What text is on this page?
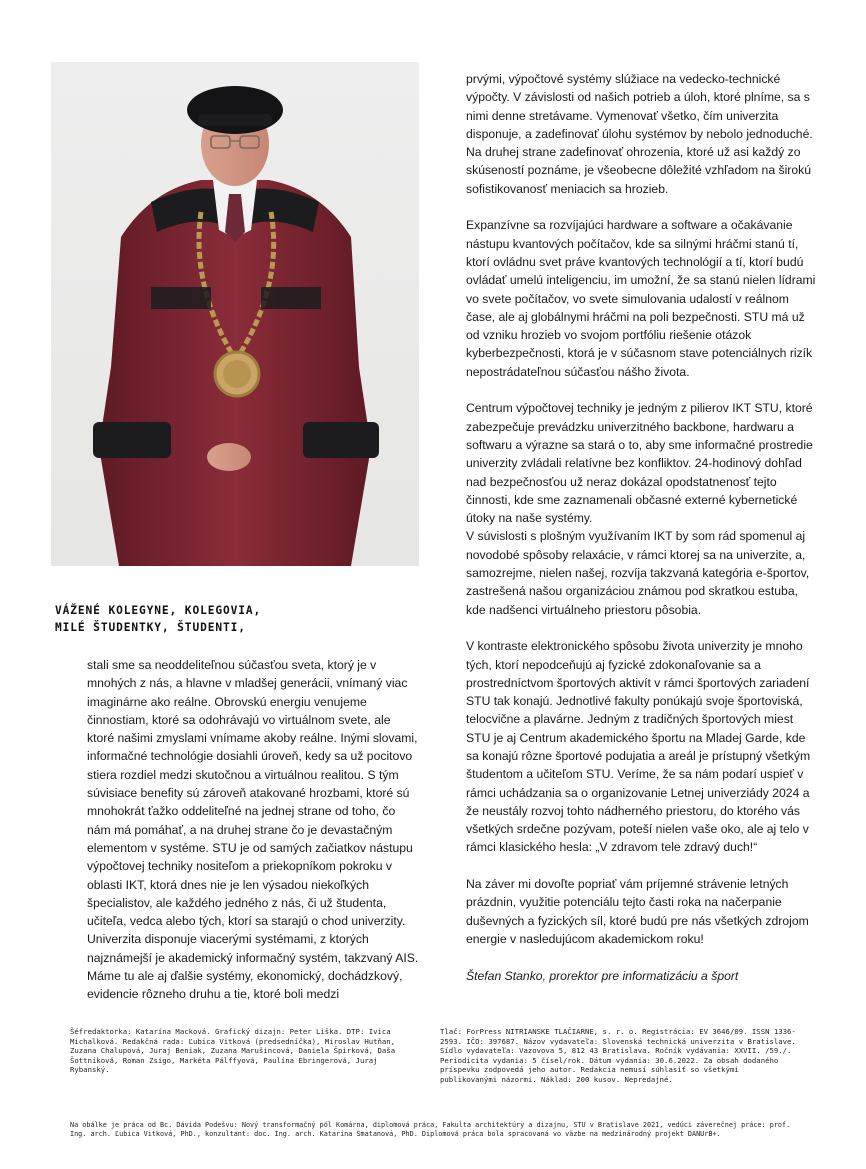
VÁŽENÉ KOLEGYNE, KOLEGOVIA,
MILÉ ŠTUDENTKY, ŠTUDENTI,

stali sme sa neoddeliteľnou súčasťou sveta, ktorý je v mnohých z nás, a hlavne v mladšej generácii, vnímaný viac imaginárne ako reálne. Obrovskú energiu venujeme činnostiam, ktoré sa odohrávajú vo virtuálnom svete, ale ktoré našimi zmyslami vnímame akoby reálne. Inými slovami, informačné technológie dosiahli úroveň, kedy sa už pocitovo stiera rozdiel medzi skutočnou a virtuálnou realitou. S tým súvisiace benefity sú zároveň atakované hrozbami, ktoré sú mnohokrát ťažko oddeliteľné na jednej strane od toho, čo nám má pomáhať, a na druhej strane čo je devastačným elementom v systéme. STU je od samých začiatkov nástupu výpočtovej techniky nositeľom a priekopníkom pokroku v oblasti IKT, ktorá dnes nie je len výsadou niekoľkých špecialistov, ale každého jedného z nás, či už študenta, učiteľa, vedca alebo tých, ktorí sa starajú o chod univerzity. Univerzita disponuje viacerými systémami, z ktorých najznámejší je akademický informačný systém, takzvaný AIS. Máme tu ale aj ďalšie systémy, ekonomický, dochádzkový, evidencie rôzneho druhu a tie, ktoré boli medzi

prvými, výpočtové systémy slúžiace na vedecko-technické výpočty. V závislosti od našich potrieb a úloh, ktoré plníme, sa s nimi denne stretávame. Vymenovať všetko, čím univerzita disponuje, a zadefinovať úlohu systémov by nebolo jednoduché. Na druhej strane zadefinovať ohrozenia, ktoré už asi každý zo skúseností poznáme, je všeobecne dôležité vzhľadom na širokú sofistikovanosť meniacich sa hrozieb.

Expanzívne sa rozvíjajúci hardware a software a očakávanie nástupu kvantových počítačov, kde sa silnými hráčmi stanú tí, ktorí ovládnu svet práve kvantových technológií a tí, ktorí budú ovládať umelú inteligenciu, im umožní, že sa stanú nielen lídrami vo svete počítačov, vo svete simulovania udalostí v reálnom čase, ale aj globálnymi hráčmi na poli bezpečnosti. STU má už od vzniku hrozieb vo svojom portfóliu riešenie otázok kyberbezpečnosti, ktorá je v súčasnom stave potenciálnych rizík nepostrádateľnou súčasťou nášho života.

Centrum výpočtovej techniky je jedným z pilierov IKT STU, ktoré zabezpečuje prevádzku univerzitného backbone, hardwaru a softwaru a výrazne sa stará o to, aby sme informačné prostredie univerzity zvládali relatívne bez konfliktov. 24-hodinový dohľad nad bezpečnosťou už neraz dokázal opodstatnenosť tejto činnosti, kde sme zaznamenali občasné externé kybernetické útoky na naše systémy.

V súvislosti s plošným využívaním IKT by som rád spomenul aj novodobé spôsoby relaxácie, v rámci ktorej sa na univerzite, a, samozrejme, nielen našej, rozvíja takzvaná kategória e-športov, zastrešená našou organizáciou známou pod skratkou estuba, kde nadšenci virtuálneho priestoru pôsobia.

V kontraste elektronického spôsobu života univerzity je mnoho tých, ktorí nepodceňujú aj fyzické zdokonaľovanie sa a prostredníctvom športových aktivít v rámci športových zariadení STU tak konajú. Jednotlivé fakulty ponúkajú svoje športoviská, telocvične a plavárne. Jedným z tradičných športových miest STU je aj Centrum akademického športu na Mladej Garde, kde sa konajú rôzne športové podujatia a areál je prístupný všetkým študentom a učiteľom STU. Veríme, že sa nám podarí uspieť v rámci uchádzania sa o organizovanie Letnej univerziády 2024 a že neustály rozvoj tohto nádherného priestoru, do ktorého vás všetkých srdečne pozývam, poteší nielen vaše oko, ale aj telo v rámci klasického hesla: „V zdravom tele zdravý duch!“

Na záver mi dovoľte popriať vám príjemné strávenie letných prázdnin, využitie potenciálu tejto časti roka na načerpanie duševných a fyzických síl, ktoré budú pre nás všetkých zdrojom energie v nasledujúcom akademickom roku!

Štefan Stanko, prorektor pre informatizáciu a šport

Šéfredaktorka: Katarína Macková. Grafický dizajn: Peter Liška. DTP: Ivica Michalková. Redakčná rada: Ľubica Vitková (predsedníčka), Miroslav Hutňan, Zuzana Chalupová, Juraj Beniak, Zuzana Marušincová, Daniela Špirková, Daša Šottníková, Roman Zsigo, Markéta Pálffyová, Paulína Ebringerová, Juraj Rybanský.
Tlač: ForPress NITRIANSKE TLAČIARNE, s. r. o. Registrácia: EV 3646/09. ISSN 1336-2593. IČO: 397687. Názov vydavateľa: Slovenská technická univerzita v Bratislave. Sídlo vydavateľa: Vazovova 5, 812 43 Bratislava. Ročník vydávania: XXVII. /59./. Periodicita vydania: 5 čísel/rok. Dátum vydania: 30.6.2022. Za obsah dodaného príspevku zodpovedá jeho autor. Redakcia nemusí súhlasiť so všetkými publikovanými názormi. Náklad: 200 kusov. Nepredajné.
Na obálke je práca od Bc. Dávida Podešvu: Nový transformačný pól Komárna, diplomová práca, Fakulta architektúry a dizajnu, STU v Bratislave 2021, vedúci záverečnej práce: prof. Ing. arch. Ľubica Vitková, PhD., konzultant: doc. Ing. arch. Katarína Smatanová, PhD. Diplomová práca bola spracovaná vo väzbe na medzinárodný projekt DANUrB+.
